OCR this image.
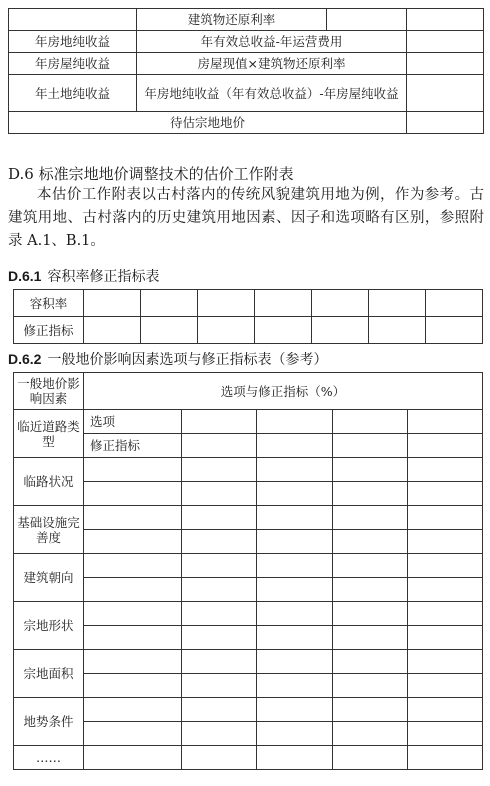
	建筑物还原利率		
年房地纯收益	年有效总收益-年运营费用		
年房屋纯收益	房屋现值×建筑物还原利率		
年土地纯收益	年房地纯收益（年有效总收益）-年房屋纯收益		
待估宗地地价			
D.6 标准宗地地价调整技术的估价工作附表

本估价工作附表以古村落内的传统风貌建筑用地为例，作为参考。古建筑用地、古村落内的历史建筑用地因素、因子和选项略有区别，参照附录 A.1、B.1。

D.6.1 容积率修正指标表
容积率							
修正指标							
D.6.2 一般地价影响因素选项与修正指标表（参考）
一般地价影响因素	选项与修正指标（%）				
临近道路类型	选项				
	修正指标				
临路状况					

基础设施完善度					

建筑朝向					

宗地形状					

宗地面积					

地势条件					

……					
